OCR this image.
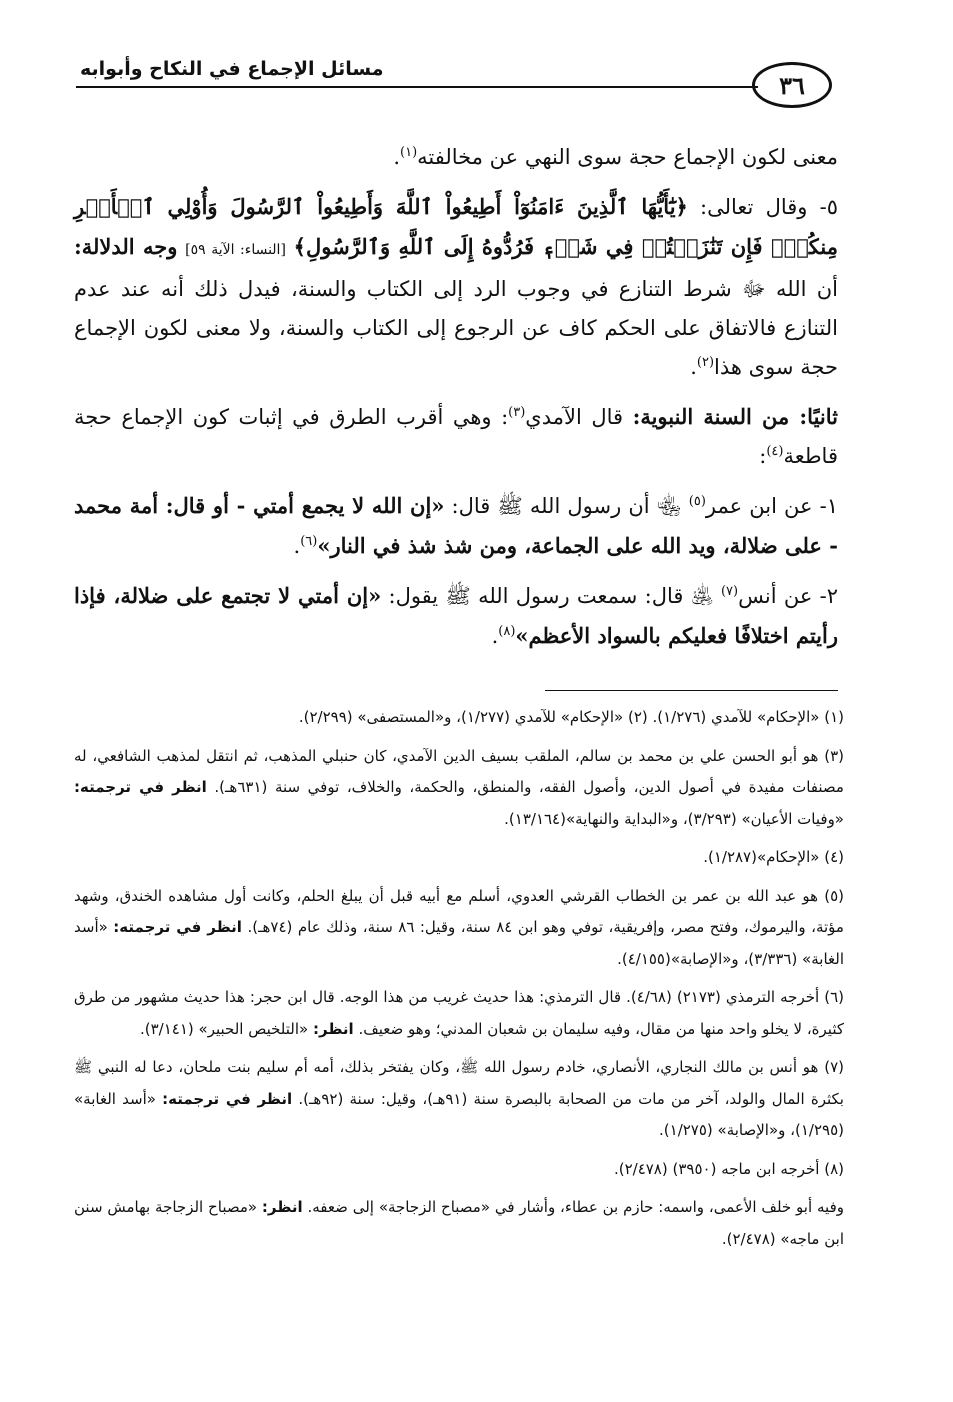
مسائل الإجماع في النكاح وأبوابه
٣٦

معنى لكون الإجماع حجة سوى النهي عن مخالفته$^{(١)}$.

٥- وقال تعالى: ﴿يَٰٓأَيُّهَا ٱلَّذِينَ ءَامَنُوٓاْ أَطِيعُواْ ٱللَّهَ وَأَطِيعُواْ ٱلرَّسُولَ وَأُوْلِي ٱلۡأَمۡرِ مِنكُمۡۖ فَإِن تَنَٰزَعۡتُمۡ فِي شَيۡءٖ فَرُدُّوهُ إِلَى ٱللَّهِ وَٱلرَّسُولِ﴾ [النساء: الآية ٥٩] وجه الدلالة: أن الله ﷻ شرط التنازع في وجوب الرد إلى الكتاب والسنة، فيدل ذلك أنه عند عدم التنازع فالاتفاق على الحكم كاف عن الرجوع إلى الكتاب والسنة، ولا معنى لكون الإجماع حجة سوى هذا$^{(٢)}$.

ثانيًا: من السنة النبوية: قال الآمدي$^{(٣)}$: وهي أقرب الطرق في إثبات كون الإجماع حجة قاطعة$^{(٤)}$:

١- عن ابن عمر$^{(٥)}$ ﵄ أن رسول الله ﷺ قال: «إن الله لا يجمع أمتي - أو قال: أمة محمد - على ضلالة، ويد الله على الجماعة، ومن شذ شذ في النار»$^{(٦)}$.

٢- عن أنس$^{(٧)}$ ﵁ قال: سمعت رسول الله ﷺ يقول: «إن أمتي لا تجتمع على ضلالة، فإذا رأيتم اختلافًا فعليكم بالسواد الأعظم»$^{(٨)}$.

(١) «الإحكام» للآمدي (١/٢٧٦). (٢) «الإحكام» للآمدي (١/٢٧٧)، و«المستصفى» (٢/٢٩٩).

(٣) هو أبو الحسن علي بن محمد بن سالم، الملقب بسيف الدين الآمدي، كان حنبلي المذهب، ثم انتقل لمذهب الشافعي، له مصنفات مفيدة في أصول الدين، وأصول الفقه، والمنطق، والحكمة، والخلاف، توفي سنة (٦٣١هـ). انظر في ترجمته: «وفيات الأعيان» (٣/٢٩٣)، و«البداية والنهاية»(١٣/١٦٤).

(٤) «الإحكام»(١/٢٨٧).

(٥) هو عبد الله بن عمر بن الخطاب القرشي العدوي، أسلم مع أبيه قبل أن يبلغ الحلم، وكانت أول مشاهده الخندق، وشهد مؤتة، واليرموك، وفتح مصر، وإفريقية، توفي وهو ابن ٨٤ سنة، وقيل: ٨٦ سنة، وذلك عام (٧٤هـ). انظر في ترجمته: «أسد الغابة» (٣/٣٣٦)، و«الإصابة»(٤/١٥٥).

(٦) أخرجه الترمذي (٢١٧٣) (٤/٦٨). قال الترمذي: هذا حديث غريب من هذا الوجه. قال ابن حجر: هذا حديث مشهور من طرق كثيرة، لا يخلو واحد منها من مقال، وفيه سليمان بن شعبان المدني؛ وهو ضعيف. انظر: «التلخيص الحبير» (٣/١٤١).

(٧) هو أنس بن مالك النجاري، الأنصاري، خادم رسول الله ﷺ، وكان يفتخر بذلك، أمه أم سليم بنت ملحان، دعا له النبي ﷺ بكثرة المال والولد، آخر من مات من الصحابة بالبصرة سنة (٩١هـ)، وقيل: سنة (٩٢هـ). انظر في ترجمته: «أسد الغابة» (١/٢٩٥)، و«الإصابة» (١/٢٧٥).

(٨) أخرجه ابن ماجه (٣٩٥٠) (٢/٤٧٨).

وفيه أبو خلف الأعمى، واسمه: حازم بن عطاء، وأشار في «مصباح الزجاجة» إلى ضعفه. انظر: «مصباح الزجاجة بهامش سنن ابن ماجه» (٢/٤٧٨).
